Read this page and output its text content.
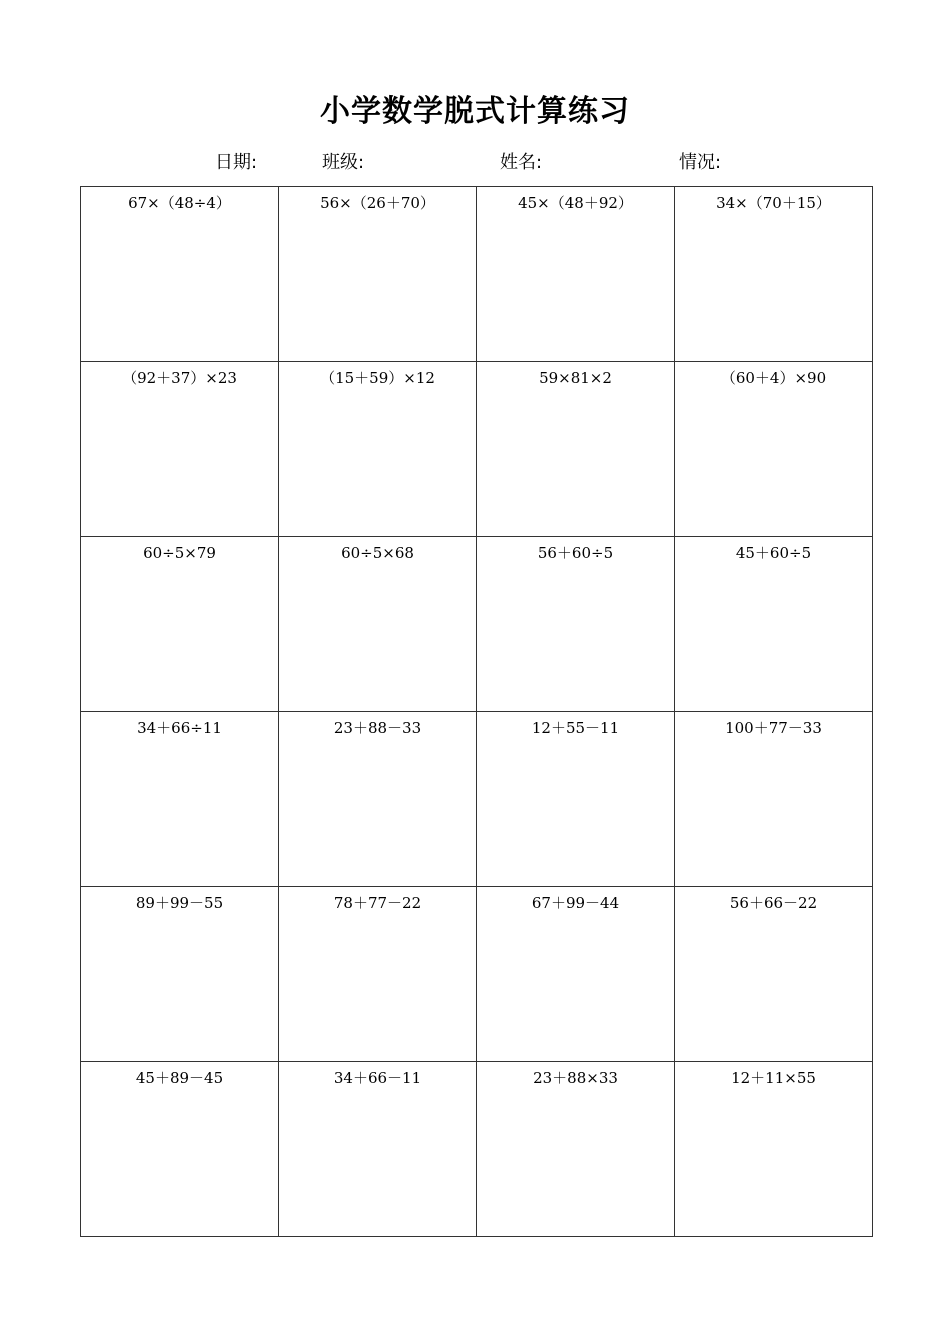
小学数学脱式计算练习
日期:	班级:	姓名:	情况:
67×（48÷4）	56×（26＋70）	45×（48＋92）	34×（70＋15）

（92＋37）×23	（15＋59）×12	59×81×2	（60＋4）×90

60÷5×79	60÷5×68	56＋60÷5	45＋60÷5

34＋66÷11	23＋88－33	12＋55－11	100＋77－33

89＋99－55	78＋77－22	67＋99－44	56＋66－22

45＋89－45	34＋66－11	23＋88×33	12＋11×55
